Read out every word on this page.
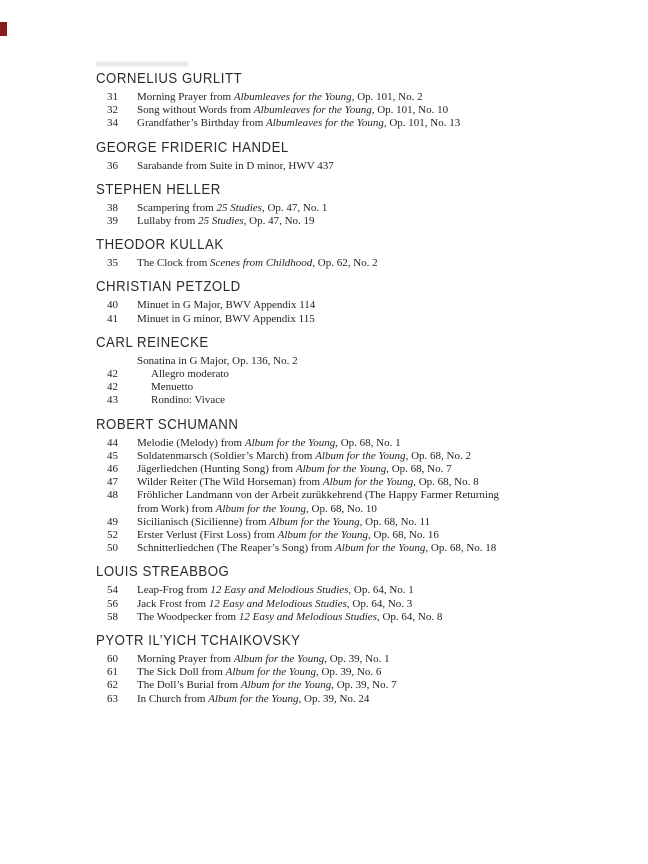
CORNELIUS GURLITT
31	Morning Prayer from Albumleaves for the Young, Op. 101, No. 2
32	Song without Words from Albumleaves for the Young, Op. 101, No. 10
34	Grandfather’s Birthday from Albumleaves for the Young, Op. 101, No. 13
GEORGE FRIDERIC HANDEL
36	Sarabande from Suite in D minor, HWV 437
STEPHEN HELLER
38	Scampering from 25 Studies, Op. 47, No. 1
39	Lullaby from 25 Studies, Op. 47, No. 19
THEODOR KULLAK
35	The Clock from Scenes from Childhood, Op. 62, No. 2
CHRISTIAN PETZOLD
40	Minuet in G Major, BWV Appendix 114
41	Minuet in G minor, BWV Appendix 115
CARL REINECKE
Sonatina in G Major, Op. 136, No. 2
42	Allegro moderato
42	Menuetto
43	Rondino: Vivace
ROBERT SCHUMANN
44	Melodie (Melody) from Album for the Young, Op. 68, No. 1
45	Soldatenmarsch (Soldier’s March) from Album for the Young, Op. 68, No. 2
46	Jägerliedchen (Hunting Song) from Album for the Young, Op. 68, No. 7
47	Wilder Reiter (The Wild Horseman) from Album for the Young, Op. 68, No. 8
48	Fröhlicher Landmann von der Arbeit zurükkehrend (The Happy Farmer Returning
from Work) from Album for the Young, Op. 68, No. 10
49	Sicilianisch (Sicilienne) from Album for the Young, Op. 68, No. 11
52	Erster Verlust (First Loss) from Album for the Young, Op. 68, No. 16
50	Schnitterliedchen (The Reaper’s Song) from Album for the Young, Op. 68, No. 18
LOUIS STREABBOG
54	Leap-Frog from 12 Easy and Melodious Studies, Op. 64, No. 1
56	Jack Frost from 12 Easy and Melodious Studies, Op. 64, No. 3
58	The Woodpecker from 12 Easy and Melodious Studies, Op. 64, No. 8
PYOTR IL’YICH TCHAIKOVSKY
60	Morning Prayer from Album for the Young, Op. 39, No. 1
61	The Sick Doll from Album for the Young, Op. 39, No. 6
62	The Doll’s Burial from Album for the Young, Op. 39, No. 7
63	In Church from Album for the Young, Op. 39, No. 24
